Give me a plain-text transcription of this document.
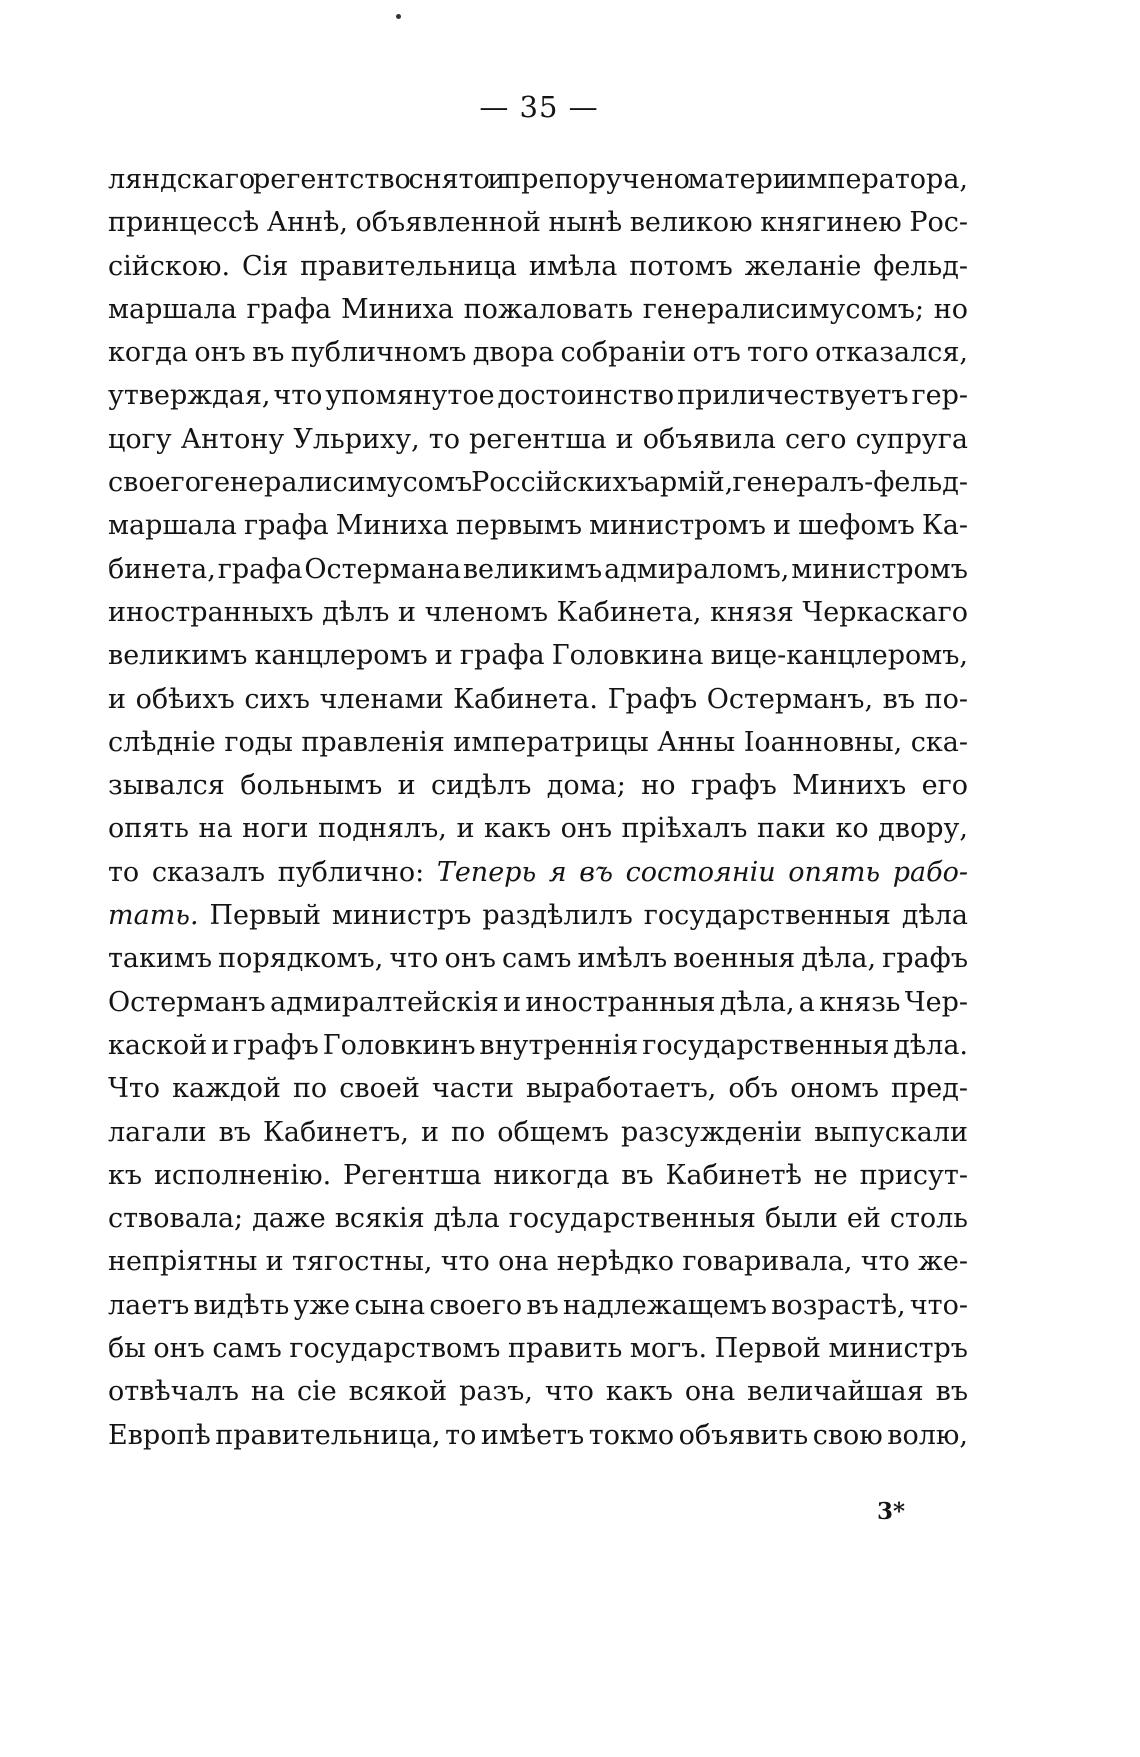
— 35 —
ляндскаго регентство снято и препоручено матери императора,
принцессѣ Аннѣ, объявленной нынѣ великою княгинею Рос-
сійскою. Сія правительница имѣла потомъ желаніе фельд-
маршала графа Миниха пожаловать генералисимусомъ; но
когда онъ въ публичномъ двора собраніи отъ того отказался,
утверждая, что упомянутое достоинство приличествуетъ гер-
цогу Антону Ульриху, то регентша и объявила сего супруга
своего генералисимусомъ Россійскихъ армій, генералъ-фельд-
маршала графа Миниха первымъ министромъ и шефомъ Ка-
бинета, графа Остермана великимъ адмираломъ, министромъ
иностранныхъ дѣлъ и членомъ Кабинета, князя Черкаскаго
великимъ канцлеромъ и графа Головкина вице-канцлеромъ,
и обѣихъ сихъ членами Кабинета. Графъ Остерманъ, въ по-
слѣдніе годы правленія императрицы Анны Іоанновны, ска-
зывался больнымъ и сидѣлъ дома; но графъ Минихъ его
опять на ноги поднялъ, и какъ онъ пріѣхалъ паки ко двору,
то сказалъ публично: Теперь я въ состояніи опять рабо-
тать. Первый министръ раздѣлилъ государственныя дѣла
такимъ порядкомъ, что онъ самъ имѣлъ военныя дѣла, графъ
Остерманъ адмиралтейскія и иностранныя дѣла, а князь Чер-
каской и графъ Головкинъ внутреннія государственныя дѣла.
Что каждой по своей части выработаетъ, объ ономъ пред-
лагали въ Кабинетъ, и по общемъ разсужденіи выпускали
къ исполненію. Регентша никогда въ Кабинетѣ не присут-
ствовала; даже всякія дѣла государственныя были ей столь
непріятны и тягостны, что она нерѣдко говаривала, что же-
лаетъ видѣть уже сына своего въ надлежащемъ возрастѣ, что-
бы онъ самъ государствомъ править могъ. Первой министръ
отвѣчалъ на сіе всякой разъ, что какъ она величайшая въ
Европѣ правительница, то имѣетъ токмо объявить свою волю,
3*
